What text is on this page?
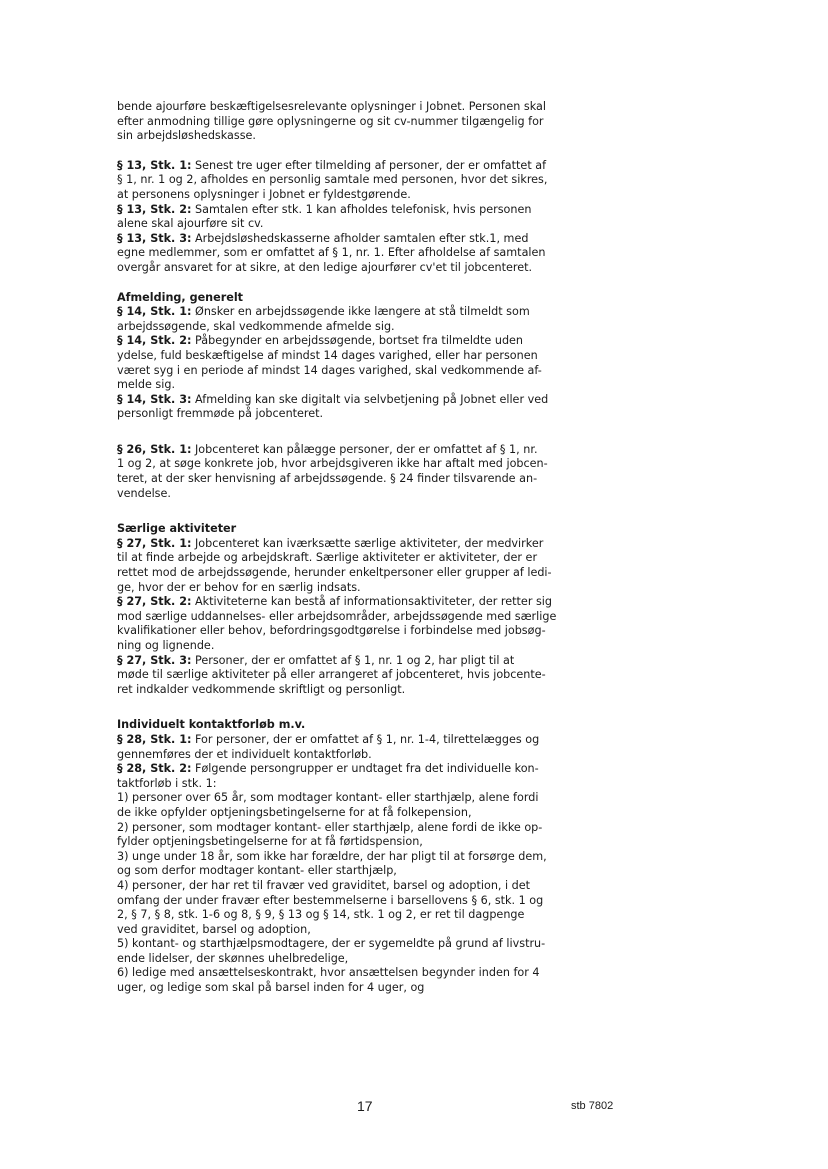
bende ajourføre beskæftigelsesrelevante oplysninger i Jobnet. Personen skal
efter anmodning tillige gøre oplysningerne og sit cv-nummer tilgængelig for
sin arbejdsløshedskasse.
§ 13, Stk. 1: Senest tre uger efter tilmelding af personer, der er omfattet af
§ 1, nr. 1 og 2, afholdes en personlig samtale med personen, hvor det sikres,
at personens oplysninger i Jobnet er fyldestgørende.
§ 13, Stk. 2: Samtalen efter stk. 1 kan afholdes telefonisk, hvis personen
alene skal ajourføre sit cv.
§ 13, Stk. 3: Arbejdsløshedskasserne afholder samtalen efter stk.1, med
egne medlemmer, som er omfattet af § 1, nr. 1. Efter afholdelse af samtalen
overgår ansvaret for at sikre, at den ledige ajourfører cv'et til jobcenteret.
Afmelding, generelt
§ 14, Stk. 1: Ønsker en arbejdssøgende ikke længere at stå tilmeldt som
arbejdssøgende, skal vedkommende afmelde sig.
§ 14, Stk. 2: Påbegynder en arbejdssøgende, bortset fra tilmeldte uden
ydelse, fuld beskæftigelse af mindst 14 dages varighed, eller har personen
været syg i en periode af mindst 14 dages varighed, skal vedkommende af-
melde sig.
§ 14, Stk. 3: Afmelding kan ske digitalt via selvbetjening på Jobnet eller ved
personligt fremmøde på jobcenteret.
§ 26, Stk. 1: Jobcenteret kan pålægge personer, der er omfattet af § 1, nr.
1 og 2, at søge konkrete job, hvor arbejdsgiveren ikke har aftalt med jobcen-
teret, at der sker henvisning af arbejdssøgende. § 24 finder tilsvarende an-
vendelse.
Særlige aktiviteter
§ 27, Stk. 1: Jobcenteret kan iværksætte særlige aktiviteter, der medvirker
til at finde arbejde og arbejdskraft. Særlige aktiviteter er aktiviteter, der er
rettet mod de arbejdssøgende, herunder enkeltpersoner eller grupper af ledi-
ge, hvor der er behov for en særlig indsats.
§ 27, Stk. 2: Aktiviteterne kan bestå af informationsaktiviteter, der retter sig
mod særlige uddannelses- eller arbejdsområder, arbejdssøgende med særlige
kvalifikationer eller behov, befordringsgodtgørelse i forbindelse med jobsøg-
ning og lignende.
§ 27, Stk. 3: Personer, der er omfattet af § 1, nr. 1 og 2, har pligt til at
møde til særlige aktiviteter på eller arrangeret af jobcenteret, hvis jobcente-
ret indkalder vedkommende skriftligt og personligt.
Individuelt kontaktforløb m.v.
§ 28, Stk. 1: For personer, der er omfattet af § 1, nr. 1-4, tilrettelægges og
gennemføres der et individuelt kontaktforløb.
§ 28, Stk. 2: Følgende persongrupper er undtaget fra det individuelle kon-
taktforløb i stk. 1:
1) personer over 65 år, som modtager kontant- eller starthjælp, alene fordi
de ikke opfylder optjeningsbetingelserne for at få folkepension,
2) personer, som modtager kontant- eller starthjælp, alene fordi de ikke op-
fylder optjeningsbetingelserne for at få førtidspension,
3) unge under 18 år, som ikke har forældre, der har pligt til at forsørge dem,
og som derfor modtager kontant- eller starthjælp,
4) personer, der har ret til fravær ved graviditet, barsel og adoption, i det
omfang der under fravær efter bestemmelserne i barsellovens § 6, stk. 1 og
2, § 7, § 8, stk. 1-6 og 8, § 9, § 13 og § 14, stk. 1 og 2, er ret til dagpenge
ved graviditet, barsel og adoption,
5) kontant- og starthjælpsmodtagere, der er sygemeldte på grund af livstru-
ende lidelser, der skønnes uhelbredelige,
6) ledige med ansættelseskontrakt, hvor ansættelsen begynder inden for 4
uger, og ledige som skal på barsel inden for 4 uger, og
17	stb 7802
